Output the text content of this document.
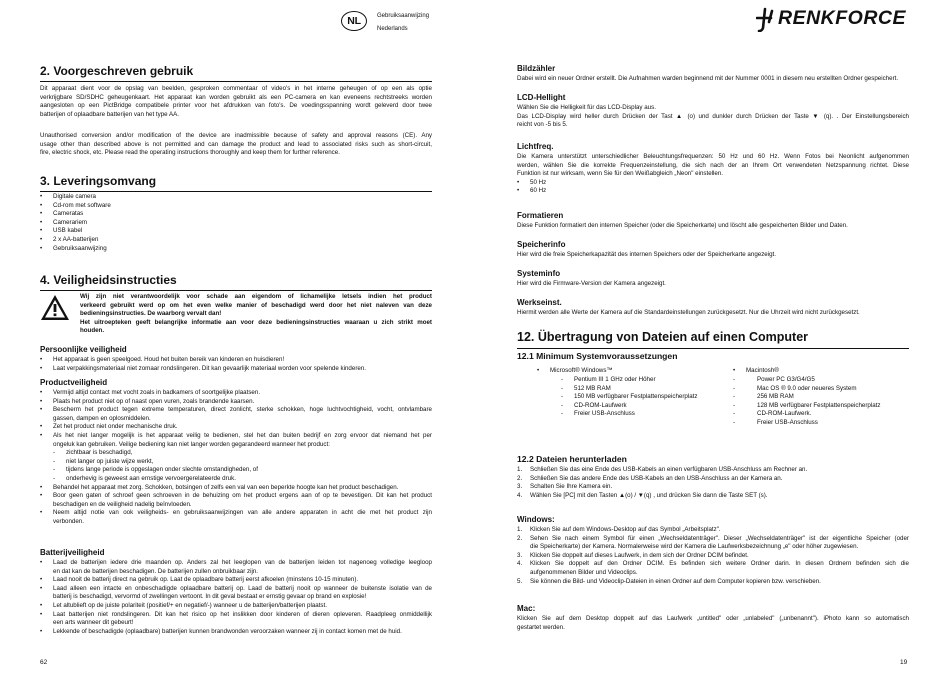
NL	Gebruiksaanwijzing
Nederlands
2. Voorgeschreven gebruik
Dit apparaat dient voor de opslag van beelden, gesproken commentaar of video's in het interne geheugen of op een als optie
verkrijgbare SD/SDHC geheugenkaart. Het apparaat kan worden gebruikt als een PC-camera en kan eveneens rechtstreeks worden
aangesloten op een PictBridge compatibele printer voor het afdrukken van foto's. De voedingsspanning wordt geleverd door twee
batterijen of oplaadbare batterijen van het type AA.
Unauthorised conversion and/or modification of the device are inadmissible because of safety and approval reasons (CE). Any
usage other than described above is not permitted and can damage the product and lead to associated risks such as short-circuit,
fire, electric shock, etc. Please read the operating instructions thoroughly and keep them for further reference.
3. Leveringsomvang
• Digitale camera
• Cd-rom met software
• Cameratas
• Camerariem
• USB kabel
• 2 x AA-batterijen
• Gebruiksaanwijzing
4. Veiligheidsinstructies
Wij zijn niet verantwoordelijk voor schade aan eigendom of lichamelijke letsels indien het product
verkeerd gebruikt werd op om het even welke manier of beschadigd werd door het niet naleven van deze
bedieningsinstructies. De waarborg vervalt dan!
Het uitroepteken geeft belangrijke informatie aan voor deze bedieningsinstructies waaraan u zich strikt moet
houden.
Persoonlijke veiligheid
• Het apparaat is geen speelgoed. Houd het buiten bereik van kinderen en huisdieren!
• Laat verpakkingsmateriaal niet zomaar rondslingeren. Dit kan gevaarlijk materiaal worden voor spelende kinderen.
Productveiligheid
• Vermijd altijd contact met vocht zoals in badkamers of soortgelijke plaatsen.
• Plaats het product niet op of naast open vuren, zoals brandende kaarsen.
• Bescherm het product tegen extreme temperaturen, direct zonlicht, sterke schokken, hoge luchtvochtigheid, vocht, ontvlambare
gassen, dampen en oplosmiddelen.
• Zet het product niet onder mechanische druk.
• Als het niet langer mogelijk is het apparaat veilig te bedienen, stel het dan buiten bedrijf en zorg ervoor dat niemand het per
ongeluk kan gebruiken. Veilige bediening kan niet langer worden gegarandeerd wanneer het product:
- zichtbaar is beschadigd,
- niet langer op juiste wijze werkt,
- tijdens lange periode is opgeslagen onder slechte omstandigheden, of
- onderhevig is geweest aan ernstige vervoergerelateerde druk.
• Behandel het apparaat met zorg. Schokken, botsingen of zelfs een val van een beperkte hoogte kan het product beschadigen.
• Boor geen gaten of schroef geen schroeven in de behuizing om het product ergens aan of op te bevestigen. Dit kan het product
beschadigen en de veiligheid nadelig beïnvloeden.
• Neem altijd notie van ook veiligheids- en gebruiksaanwijzingen van alle andere apparaten in acht die met het product zijn
verbonden.
Batterijveiligheid
• Laad de batterijen iedere drie maanden op. Anders zal het leeglopen van de batterijen leiden tot nagenoeg volledige leegloop
en dat kan de batterijen beschadigen. De batterijen zullen onbruikbaar zijn.
• Laad nooit de batterij direct na gebruik op. Laat de oplaadbare batterij eerst afkoelen (minstens 10-15 minuten).
• Laad alleen een intacte en onbeschadigde oplaadbare batterij op. Laad de batterij nooit op wanneer de buitenste isolatie van de
batterij is beschadigd, vervormd of zwellingen vertoont. In dit geval bestaat er ernstig gevaar op brand en explosie!
• Let altublieft op de juiste polariteit (positief/+ en negatief/-) wanneer u de batterijen/batterijen plaatst.
• Laat batterijen niet rondslingeren. Dit kan het risico op het inslikken door kinderen of dieren opleveren. Raadpleeg onmiddellijk
een arts wanneer dit gebeurt!
• Lekkende of beschadigde (oplaadbare) batterijen kunnen brandwonden veroorzaken wanneer zij in contact komen met de huid.
62
RENKFORCE
Bildzähler
Dabei wird ein neuer Ordner erstellt. Die Aufnahmen warden beginnend mit der Nummer 0001 in diesem neu erstellten Ordner gespeichert.
LCD-Hellight
Wählen Sie die Helligkeit für das LCD-Display aus.
Das LCD-Display wird heller durch Drücken der Tast ▲ (o) und dunkler durch Drücken der Taste ▼ (q). . Der Einstellungsbereich
reicht von -5 bis 5.
Lichtfreq.
Die Kamera unterstützt unterschiedlicher Beleuchtungsfrequenzen: 50 Hz und 60 Hz. Wenn Fotos bei Neonlicht aufgenommen
werden, wählen Sie die korrekte Frequenzeinstellung, die sich nach der an Ihrem Ort verwendeten Netzspannung richtet. Diese
Funktion ist nur wirksam, wenn Sie für den Weißabgleich „Neon" einstellen.
• 50 Hz
• 60 Hz
Formatieren
Diese Funktion formatiert den internen Speicher (oder die Speicherkarte) und löscht alle gespeicherten Bilder und Daten.
Speicherinfo
Hier wird die freie Speicherkapazität des internen Speichers oder der Speicherkarte angezeigt.
Systeminfo
Hier wird die Firmware-Version der Kamera angezeigt.
Werkseinst.
Hiermit werden alle Werte der Kamera auf die Standardeinstellungen zurückgesetzt. Nur die Uhrzeit wird nicht zurückgesetzt.
12. Übertragung von Dateien auf einen Computer
12.1 Minimum Systemvoraussetzungen
• Microsoft® Windows™
- Pentium III 1 GHz oder Höher
- 512 MB RAM
- 150 MB verfügbarer Festplattenspeicherplatz
- CD-ROM-Laufwerk
- Freier USB-Anschluss
• Macintosh®
- Power PC G3/G4/G5
- Mac OS ® 9.0 oder neueres System
- 256 MB RAM
- 128 MB verfügbarer Festplattenspeicherplatz
- CD-ROM-Laufwerk.
- Freier USB-Anschluss
12.2 Dateien herunterladen
1. Schließen Sie das eine Ende des USB-Kabels an einen verfügbaren USB-Anschluss am Rechner an.
2. Schließen Sie das andere Ende des USB-Kabels an den USB-Anschluss an der Kamera an.
3. Schalten Sie Ihre Kamera ein.
4. Wählen Sie [PC] mit den Tasten ▲(o) / ▼(q) , und drücken Sie dann die Taste SET (s).
Windows:
1. Klicken Sie auf dem Windows-Desktop auf das Symbol „Arbeitsplatz".
2. Sehen Sie nach einem Symbol für einen „Wechseldatenträger". Dieser „Wechseldatenträger" ist der eigentliche Speicher (oder
die Speicherkarte) der Kamera. Normalerweise wird der Kamera die Laufwerksbezeichnung „e" oder höher zugewiesen.
3. Klicken Sie doppelt auf dieses Laufwerk, in dem sich der Ordner DCIM befindet.
4. Klicken Sie doppelt auf den Ordner DCIM. Es befinden sich weitere Ordner darin. In diesen Ordnern befinden sich die
aufgenommenen Bilder und Videoclips.
5. Sie können die Bild- und Videoclip-Dateien in einen Ordner auf dem Computer kopieren bzw. verschieben.
Mac:
Klicken Sie auf dem Desktop doppelt auf das Laufwerk „untitled" oder „unlabeled" („unbenannt"). iPhoto kann so automatisch
gestartet werden.
19
